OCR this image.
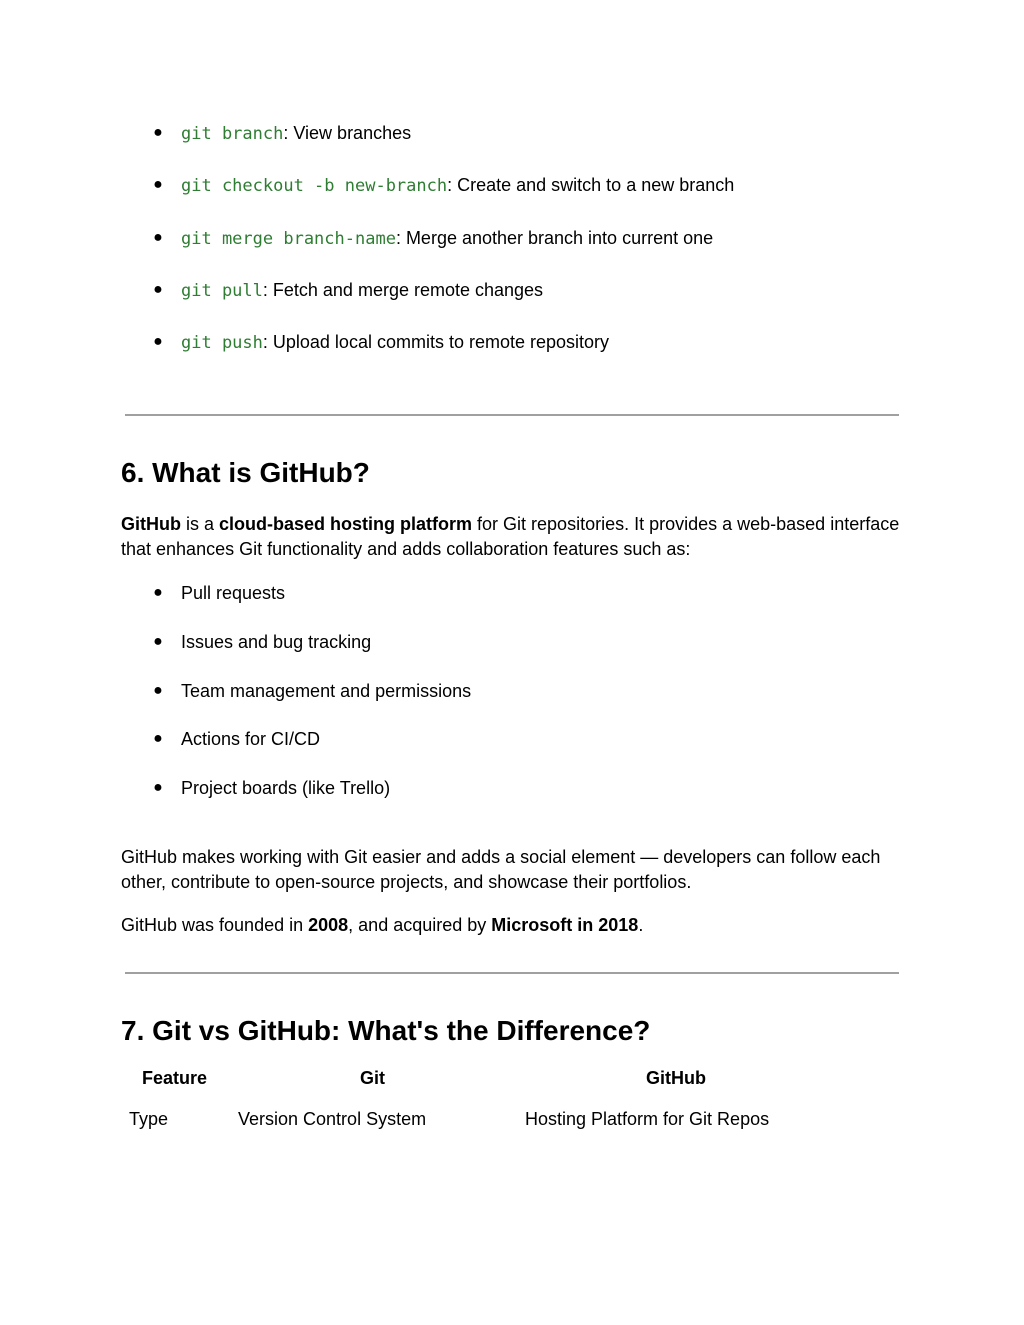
●	git branch: View branches
●	git checkout -b new-branch: Create and switch to a new branch
●	git merge branch-name: Merge another branch into current one
●	git pull: Fetch and merge remote changes
●	git push: Upload local commits to remote repository
6. What is GitHub?

GitHub is a cloud-based hosting platform for Git repositories. It provides a web-based interface that enhances Git functionality and adds collaboration features such as:

● Pull requests
● Issues and bug tracking
● Team management and permissions
● Actions for CI/CD
● Project boards (like Trello)

GitHub makes working with Git easier and adds a social element — developers can follow each other, contribute to open-source projects, and showcase their portfolios.

GitHub was founded in 2008, and acquired by Microsoft in 2018.

7. Git vs GitHub: What's the Difference?
Feature	Git	GitHub
Type	Version Control System	Hosting Platform for Git Repos
